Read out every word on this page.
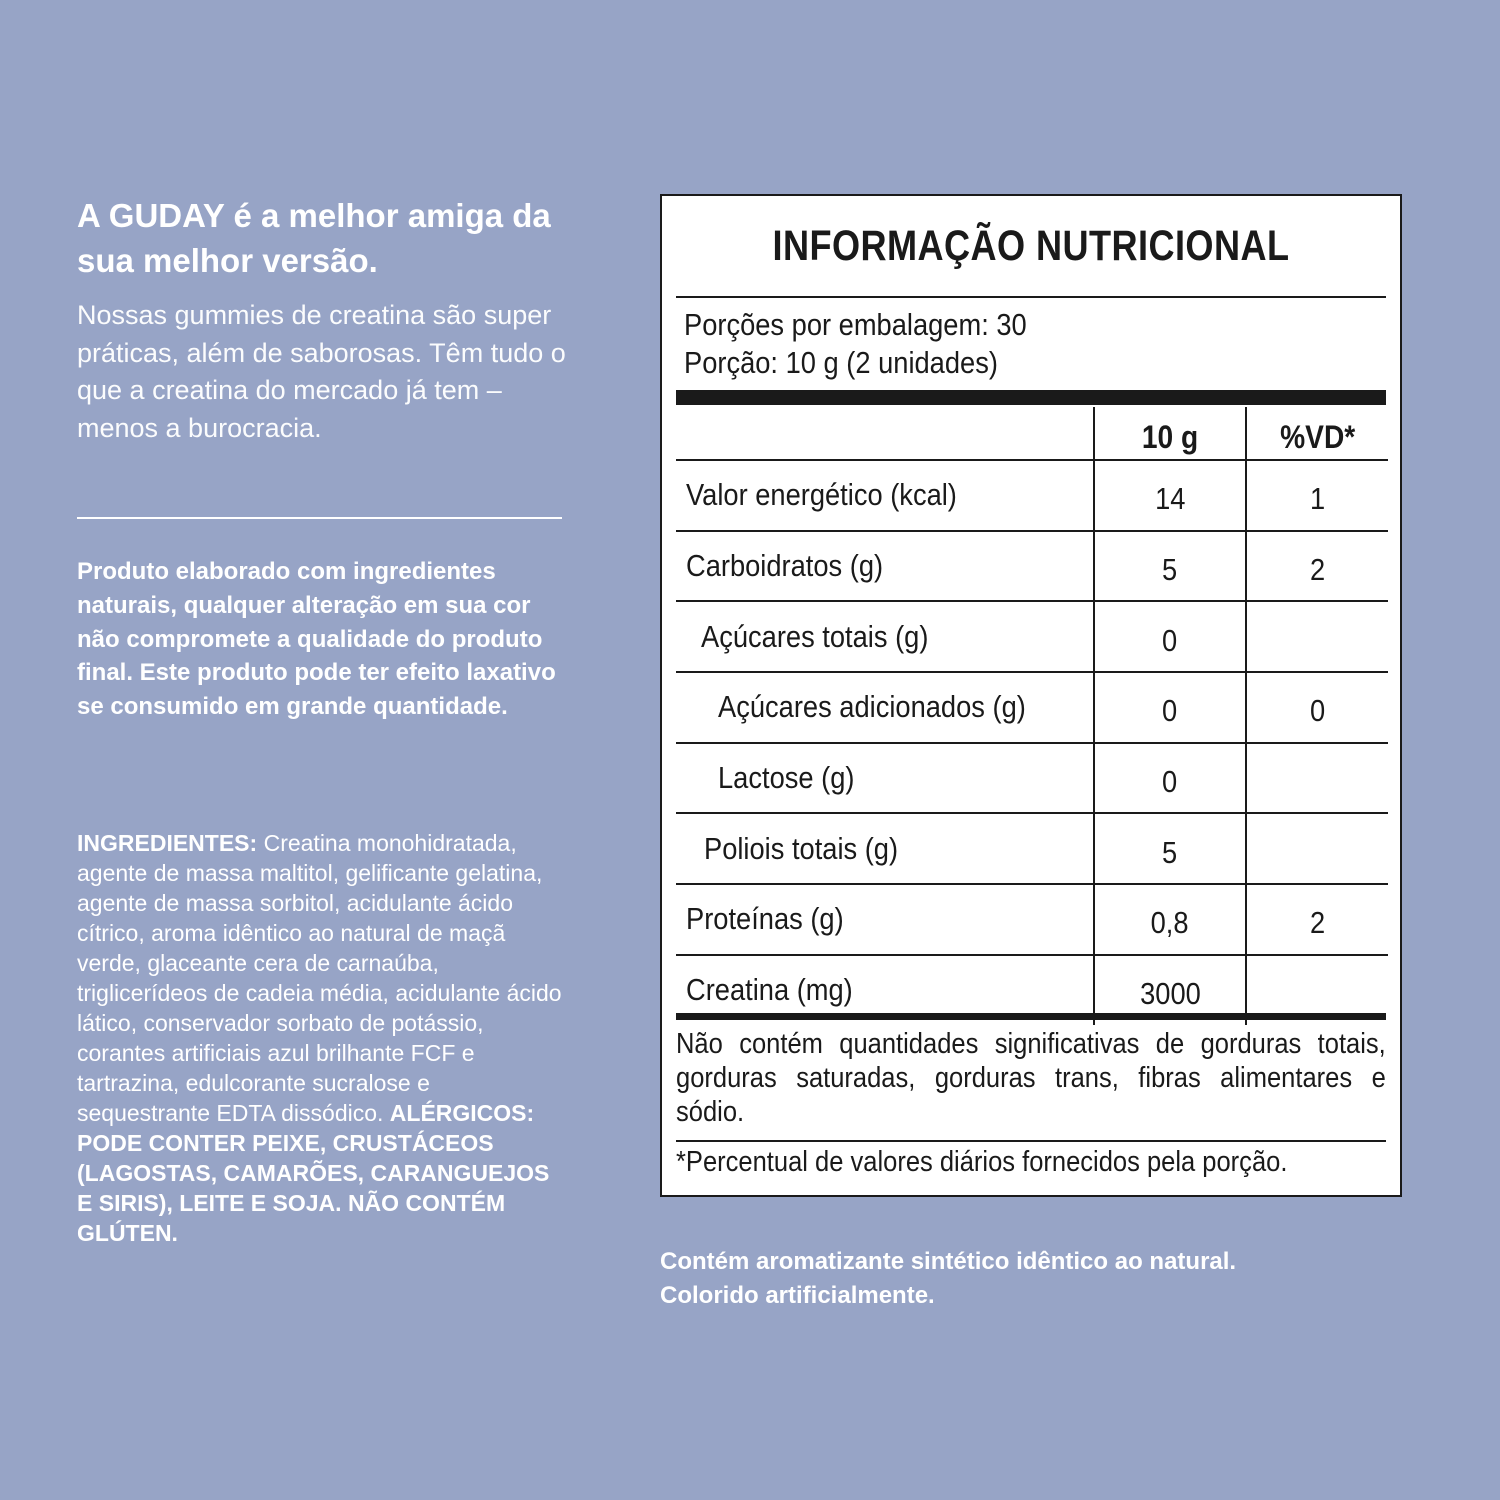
A GUDAY é a melhor amiga da sua melhor versão.

Nossas gummies de creatina são super práticas, além de saborosas. Têm tudo o que a creatina do mercado já tem – menos a burocracia.

Produto elaborado com ingredientes naturais, qualquer alteração em sua cor não compromete a qualidade do produto final. Este produto pode ter efeito laxativo se consumido em grande quantidade.
INGREDIENTES: Creatina monohidratada, agente de massa maltitol, gelificante gelatina, agente de massa sorbitol, acidulante ácido cítrico, aroma idêntico ao natural de maçã verde, glaceante cera de carnaúba, triglicerídeos de cadeia média, acidulante ácido lático, conservador sorbato de potássio, corantes artificiais azul brilhante FCF e tartrazina, edulcorante sucralose e sequestrante EDTA dissódico. ALÉRGICOS: PODE CONTER PEIXE, CRUSTÁCEOS (LAGOSTAS, CAMARÕES, CARANGUEJOS E SIRIS), LEITE E SOJA. NÃO CONTÉM GLÚTEN.
INFORMAÇÃO NUTRICIONAL
Porções por embalagem: 30
Porção: 10 g (2 unidades)
	10 g	%VD*
Valor energético (kcal)	14	1
Carboidratos (g)	5	2
Açúcares totais (g)	0	
Açúcares adicionados (g)	0	0
Lactose (g)	0	
Poliois totais (g)	5	
Proteínas (g)	0,8	2
Creatina (mg)	3000	
Não contém quantidades significativas de gorduras totais, gorduras saturadas, gorduras trans, fibras alimentares e sódio.
*Percentual de valores diários fornecidos pela porção.
Contém aromatizante sintético idêntico ao natural. Colorido artificialmente.
